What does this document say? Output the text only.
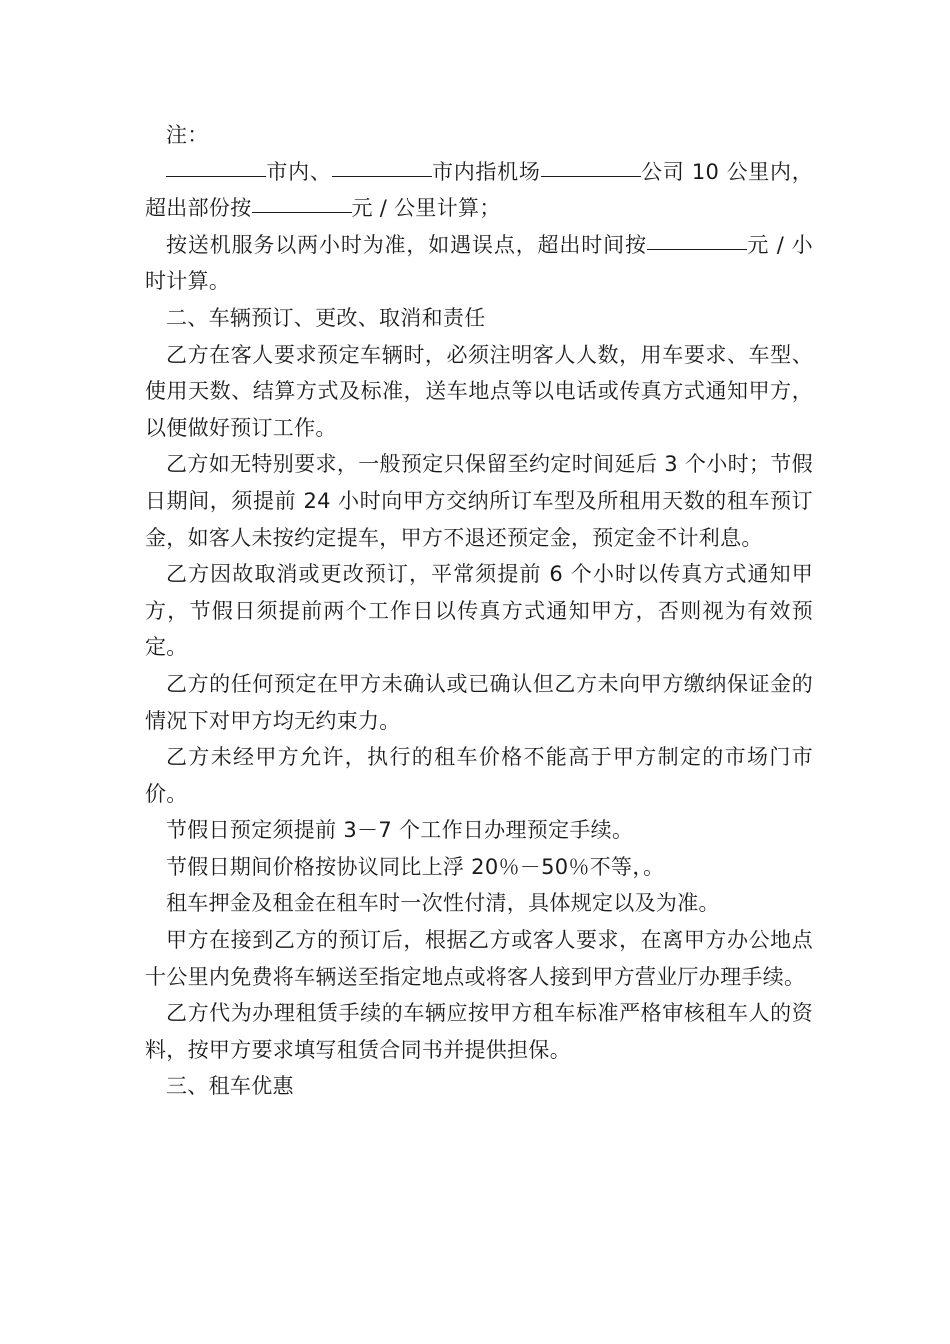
注：

市内、	市内指机场	公司 10 公里内，超出部份按	元 / 公里计算；

按送机服务以两小时为准，如遇误点，超出时间按	元 / 小时计算。

二、车辆预订、更改、取消和责任

乙方在客人要求预定车辆时，必须注明客人人数，用车要求、车型、使用天数、结算方式及标准，送车地点等以电话或传真方式通知甲方，以便做好预订工作。

乙方如无特别要求，一般预定只保留至约定时间延后 3 个小时；节假日期间，须提前 24 小时向甲方交纳所订车型及所租用天数的租车预订金，如客人未按约定提车，甲方不退还预定金，预定金不计利息。

乙方因故取消或更改预订，平常须提前 6 个小时以传真方式通知甲方，节假日须提前两个工作日以传真方式通知甲方，否则视为有效预定。

乙方的任何预定在甲方未确认或已确认但乙方未向甲方缴纳保证金的情况下对甲方均无约束力。

乙方未经甲方允许，执行的租车价格不能高于甲方制定的市场门市价。

节假日预定须提前 3－7 个工作日办理预定手续。

节假日期间价格按协议同比上浮 20％－50％不等，。

租车押金及租金在租车时一次性付清，具体规定以及为准。

甲方在接到乙方的预订后，根据乙方或客人要求，在离甲方办公地点十公里内免费将车辆送至指定地点或将客人接到甲方营业厅办理手续。

乙方代为办理租赁手续的车辆应按甲方租车标准严格审核租车人的资料，按甲方要求填写租赁合同书并提供担保。

三、租车优惠
